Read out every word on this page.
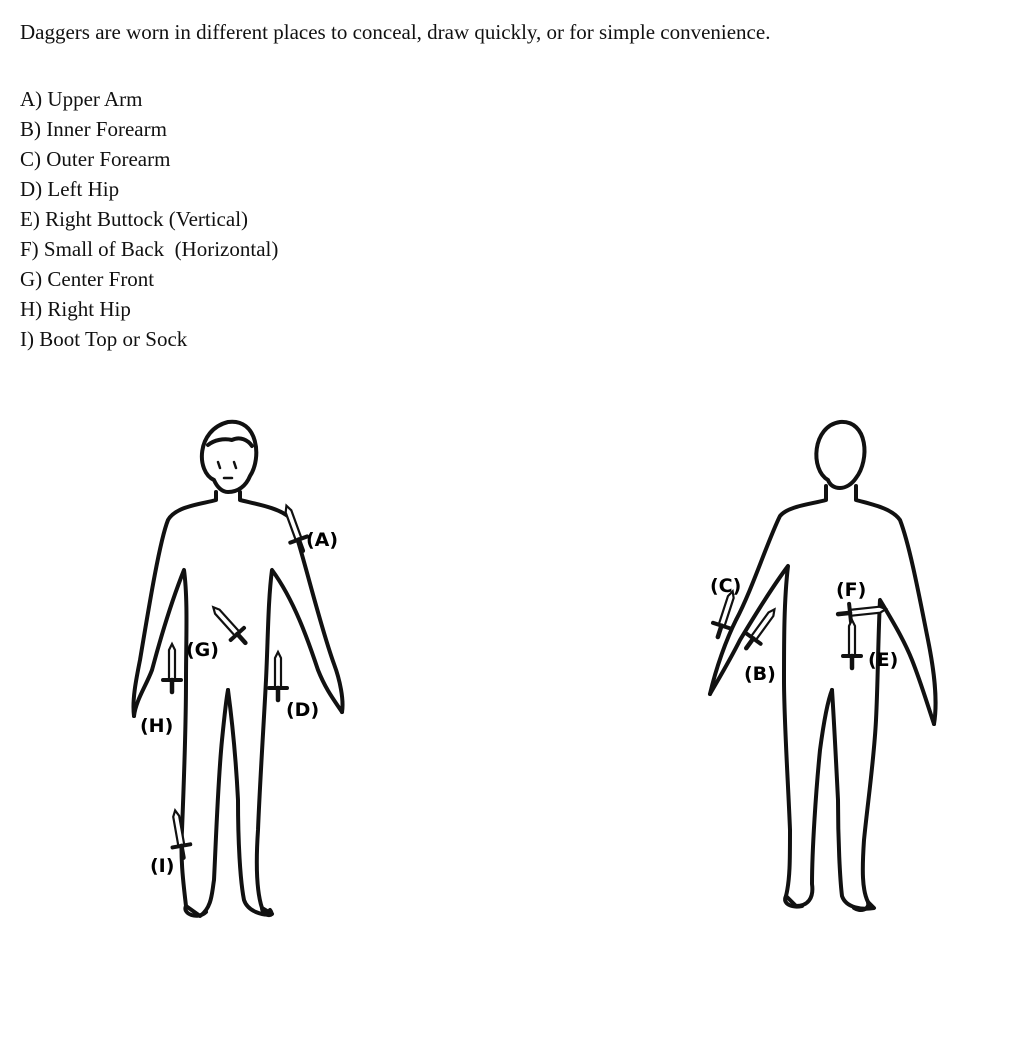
Daggers are worn in different places to conceal, draw quickly, or for simple convenience.

A) Upper Arm
B) Inner Forearm
C) Outer Forearm
D) Left Hip
E) Right Buttock (Vertical)
F) Small of Back  (Horizontal)
G) Center Front
H) Right Hip
I) Boot Top or Sock
(A)
(G)
(H)
(D)
(I)
(C)
(B)
(F)
(E)
